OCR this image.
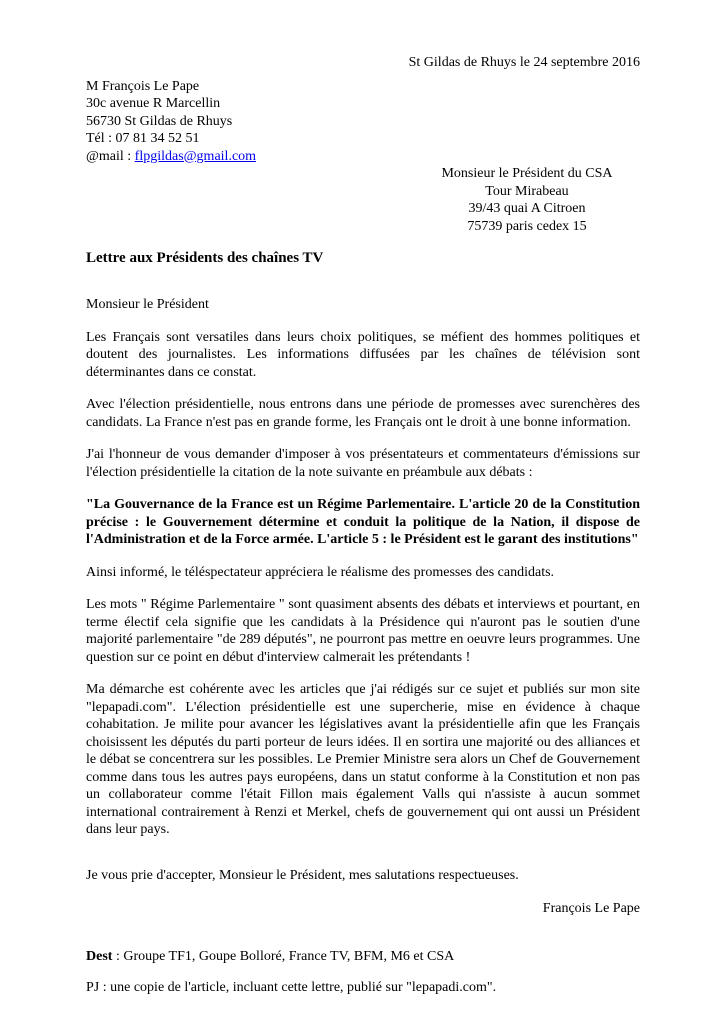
St Gildas de Rhuys le 24 septembre 2016
M François Le Pape
30c avenue R Marcellin
56730 St Gildas de Rhuys
Tél : 07 81 34 52 51
@mail : flpgildas@gmail.com
Monsieur le Président du CSA
Tour Mirabeau
39/43 quai A Citroen
75739 paris cedex 15
Lettre aux Présidents des chaînes TV
Monsieur le Président

Les Français sont versatiles dans leurs choix politiques, se méfient des hommes politiques et doutent des journalistes. Les informations diffusées par les chaînes de télévision sont déterminantes dans ce constat.

Avec l'élection présidentielle, nous entrons dans une période de promesses avec surenchères des candidats. La France n'est pas en grande forme, les Français ont le droit à une bonne information.

J'ai l'honneur de vous demander d'imposer à vos présentateurs et commentateurs d'émissions sur l'élection présidentielle la citation de la note suivante en préambule aux débats :

"La Gouvernance de la France est un Régime Parlementaire. L'article 20 de la Constitution précise : le Gouvernement détermine et conduit la politique de la Nation, il dispose de l'Administration et de la Force armée. L'article 5 : le Président est le garant des institutions"

Ainsi informé, le téléspectateur appréciera le réalisme des promesses des candidats.

Les mots " Régime Parlementaire " sont quasiment absents des débats et interviews et pourtant, en terme électif cela signifie que les candidats à la Présidence qui n'auront pas le soutien d'une majorité parlementaire "de 289 députés", ne pourront pas mettre en oeuvre leurs programmes. Une question sur ce point en début d'interview calmerait les prétendants !

Ma démarche est cohérente avec les articles que j'ai rédigés sur ce sujet et publiés sur mon site "lepapadi.com". L'élection présidentielle est une supercherie, mise en évidence à chaque cohabitation. Je milite pour avancer les législatives avant la présidentielle afin que les Français choisissent les députés du parti porteur de leurs idées. Il en sortira une majorité ou des alliances et le débat se concentrera sur les possibles. Le Premier Ministre sera alors un Chef de Gouvernement comme dans tous les autres pays européens, dans un statut conforme à la Constitution et non pas un collaborateur comme l'était Fillon mais également Valls qui n'assiste à aucun sommet international contrairement à Renzi et Merkel, chefs de gouvernement qui ont aussi un Président dans leur pays.

Je vous prie d'accepter, Monsieur le Président, mes salutations respectueuses.

François Le Pape
Dest : Groupe TF1, Goupe Bolloré, France TV, BFM, M6 et CSA
PJ : une copie de l'article, incluant cette lettre, publié sur "lepapadi.com".
